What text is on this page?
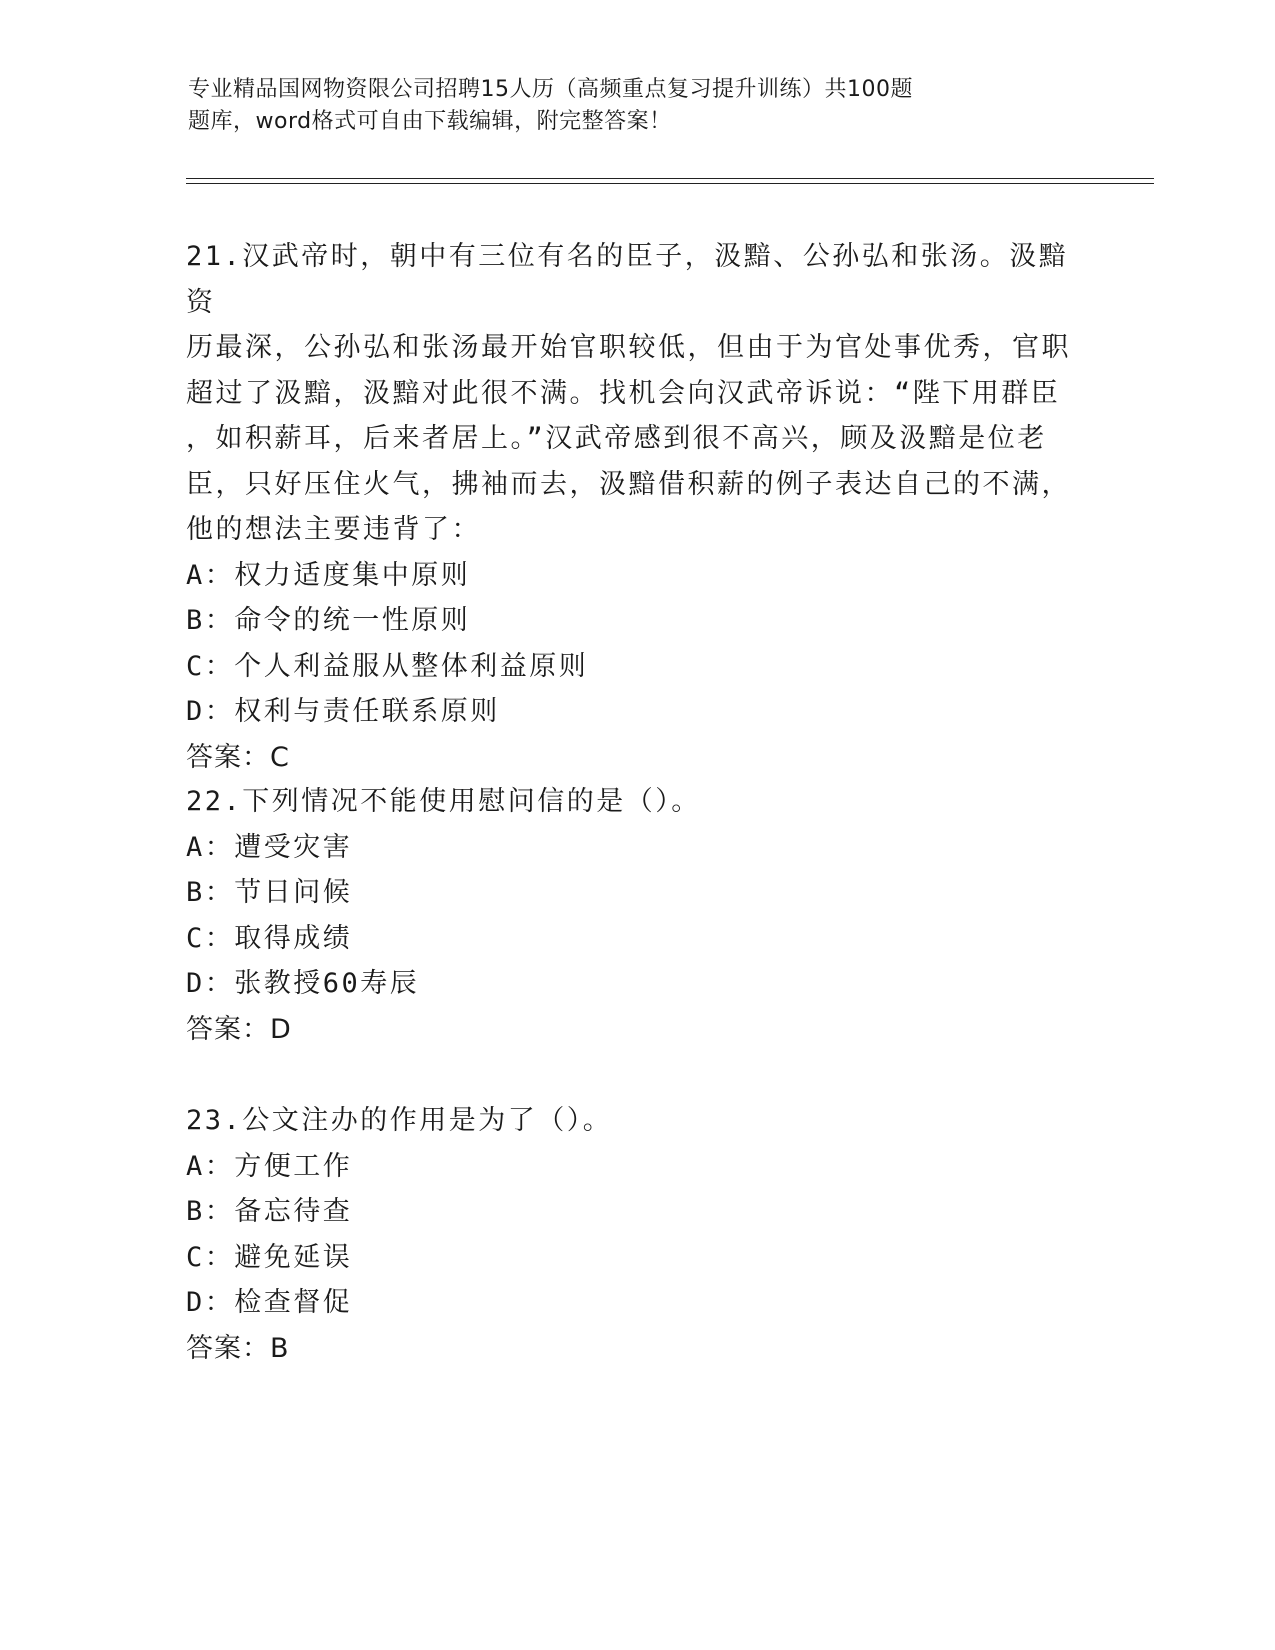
专业精品国网物资限公司招聘15人历（高频重点复习提升训练）共100题
题库，word格式可自由下载编辑，附完整答案！

21.汉武帝时，朝中有三位有名的臣子，汲黯、公孙弘和张汤。汲黯资

历最深，公孙弘和张汤最开始官职较低，但由于为官处事优秀，官职

超过了汲黯，汲黯对此很不满。找机会向汉武帝诉说：“陛下用群臣

，如积薪耳，后来者居上。”汉武帝感到很不高兴，顾及汲黯是位老

臣，只好压住火气，拂袖而去，汲黯借积薪的例子表达自己的不满，

他的想法主要违背了：

A：权力适度集中原则

B：命令的统一性原则

C：个人利益服从整体利益原则

D：权利与责任联系原则

答案：C

22.下列情况不能使用慰问信的是（）。

A：遭受灾害

B：节日问候

C：取得成绩

D：张教授60寿辰

答案：D

23.公文注办的作用是为了（）。

A：方便工作

B：备忘待查

C：避免延误

D：检查督促

答案：B
